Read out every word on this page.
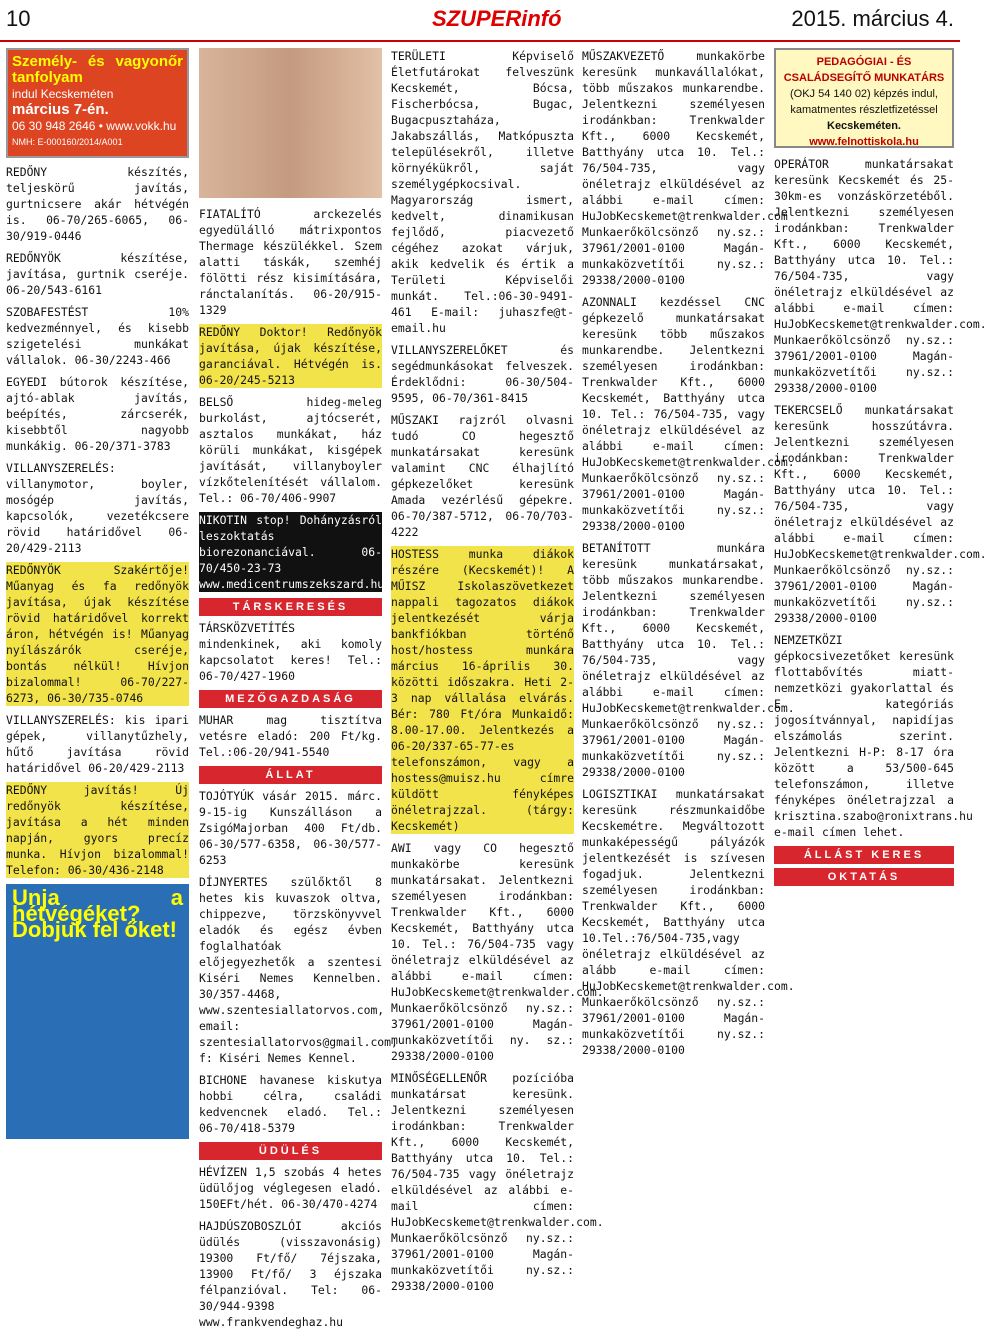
10	SZUPERinfó	2015. március 4.
Személy- és vagyonőr tanfolyam
indul Kecskeméten
március 7-én.
06 30 948 2646 • www.vokk.hu
NMH: E-000160/2014/A001
REDŐNY készítés, teljeskörű javítás, gurtnicsere akár hétvégén is. 06-70/265-6065, 06-30/919-0446
REDŐNYÖK készítése, javítása, gurtnik cseréje. 06-20/543-6161
SZOBAFESTÉST 10% kedvezménnyel, és kisebb szigetelési munkákat vállalok. 06-30/2243-466
EGYEDI bútorok készítése, ajtó-ablak javítás, beépítés, zárcserék, kisebbtől nagyobb munkákig. 06-20/371-3783
VILLANYSZERELÉS: villanymotor, boyler, mosógép javítás, kapcsolók, vezetékcsere rövid határidővel 06-20/429-2113
REDŐNYÖK Szakértője! Műanyag és fa redőnyök javítása, újak készítése rövid határidővel korrekt áron, hétvégén is! Műanyag nyílászárók cseréje, bontás nélkül! Hívjon bizalommal! 06-70/227-6273, 06-30/735-0746
VILLANYSZERELÉS: kis ipari gépek, villanytűzhely, hűtő javítása rövid határidővel 06-20/429-2113
REDŐNY javítás! Új redőnyök készítése, javítása a hét minden napján, gyors precíz munka. Hívjon bizalommal! Telefon: 06-30/436-2148
Unja a hétvégéket? Dobjuk fel őket!
FIATALÍTÓ arckezelés egyedülálló mátrixpontos Thermage készülékkel. Szem alatti táskák, szemhéj fölötti rész kisimítására, ránctalanítás. 06-20/915-1329
REDŐNY Doktor! Redőnyök javítása, újak készítése, garanciával. Hétvégén is. 06-20/245-5213
BELSŐ hideg-meleg burkolást, ajtócserét, asztalos munkákat, ház körüli munkákat, kisgépek javítását, villanyboyler vízkőtelenítését vállalom. Tel.: 06-70/406-9907
NIKOTIN stop! Dohányzásról leszoktatás biorezonanciával. 06-70/450-23-73 www.medicentrumszekszard.hu
TÁRSKERESÉS
TÁRSKÖZVETÍTÉS mindenkinek, aki komoly kapcsolatot keres! Tel.: 06-70/427-1960
MEZŐGAZDASÁG
MUHAR mag tisztítva vetésre eladó: 200 Ft/kg. Tel.:06-20/941-5540
ÁLLAT
TOJÓTYÚK vásár 2015. márc. 9-15-ig Kunszálláson a ZsigóMajorban 400 Ft/db. 06-30/577-6358, 06-30/577-6253
DÍJNYERTES szülőktől 8 hetes kis kuvaszok oltva, chippezve, törzskönyvvel eladók és egész évben foglalhatóak előjegyezhetők a szentesi Kiséri Nemes Kennelben. 30/357-4468, www.szentesiallatorvos.com, email: szentesiallatorvos@gmail.com, f: Kiséri Nemes Kennel.
BICHONE havanese kiskutya hobbi célra, családi kedvencnek eladó. Tel.: 06-70/418-5379
ÜDÜLÉS
HÉVÍZEN 1,5 szobás 4 hetes üdülőjog véglegesen eladó. 150EFt/hét. 06-30/470-4274
HAJDÚSZOBOSZLÓI akciós üdülés (visszavonásig) 19300 Ft/fő/ 7éjszaka, 13900 Ft/fő/ 3 éjszaka félpanzióval. Tel: 06-30/944-9398 www.frankvendeghaz.hu
TERÜLETI Képviselő Életfutárokat felveszünk Kecskemét, Bócsa, Fischerbócsa, Bugac, Bugacpusztaháza, Jakabszállás, Matkópuszta településekről, illetve környékükről, saját személygépkocsival. Magyarország ismert, kedvelt, dinamikusan fejlődő, piacvezető cégéhez azokat várjuk, akik kedvelik és értik a Területi Képviselői munkát. Tel.:06-30-9491-461 E-mail: juhaszfe@t-email.hu
VILLANYSZERELŐKET és segédmunkásokat felveszek. Érdeklődni: 06-30/504-9595, 06-70/361-8415
MŰSZAKI rajzról olvasni tudó CO hegesztő munkatársakat keresünk valamint CNC élhajlító gépkezelőket keresünk Amada vezérlésű gépekre. 06-70/387-5712, 06-70/703-4222
HOSTESS munka diákok részére (Kecskemét)! A MŰISZ Iskolaszövetkezet nappali tagozatos diákok jelentkezését várja bankfiókban történő host/hostess munkára március 16-április 30. közötti időszakra. Heti 2-3 nap vállalása elvárás. Bér: 780 Ft/óra Munkaidő: 8.00-17.00. Jelentkezés a 06-20/337-65-77-es telefonszámon, vagy a hostess@muisz.hu címre küldött fényképes önéletrajzzal. (tárgy: Kecskemét)
AWI vagy CO hegesztő munkakörbe keresünk munkatársakat. Jelentkezni személyesen irodánkban: Trenkwalder Kft., 6000 Kecskemét, Batthyány utca 10. Tel.: 76/504-735 vagy önéletrajz elküldésével az alábbi e-mail címen: HuJobKecskemet@trenkwalder.com. Munkaerőkölcsönző ny.sz.: 37961/2001-0100 Magán-munkaközvetítői ny. sz.: 29338/2000-0100
MINŐSÉGELLENŐR pozícióba munkatársat keresünk. Jelentkezni személyesen irodánkban: Trenkwalder Kft., 6000 Kecskemét, Batthyány utca 10. Tel.: 76/504-735 vagy önéletrajz elküldésével az alábbi e-mail címen: HuJobKecskemet@trenkwalder.com. Munkaerőkölcsönző ny.sz.: 37961/2001-0100 Magán-munkaközvetítői ny.sz.: 29338/2000-0100
MŰSZAKVEZETŐ munkakörbe keresünk munkavállalókat, több műszakos munkarendbe. Jelentkezni személyesen irodánkban: Trenkwalder Kft., 6000 Kecskemét, Batthyány utca 10. Tel.: 76/504-735, vagy önéletrajz elküldésével az alábbi e-mail címen: HuJobKecskemet@trenkwalder.com Munkaerőkölcsönző ny.sz.: 37961/2001-0100 Magán-munkaközvetítői ny.sz.: 29338/2000-0100
AZONNALI kezdéssel CNC gépkezelő munkatársakat keresünk több műszakos munkarendbe. Jelentkezni személyesen irodánkban: Trenkwalder Kft., 6000 Kecskemét, Batthyány utca 10. Tel.: 76/504-735, vagy önéletrajz elküldésével az alábbi e-mail címen: HuJobKecskemet@trenkwalder.com. Munkaerőkölcsönző ny.sz.: 37961/2001-0100 Magán-munkaközvetítői ny.sz.: 29338/2000-0100
BETANÍTOTT munkára keresünk munkatársakat, több műszakos munkarendbe. Jelentkezni személyesen irodánkban: Trenkwalder Kft., 6000 Kecskemét, Batthyány utca 10. Tel.: 76/504-735, vagy önéletrajz elküldésével az alábbi e-mail címen: HuJobKecskemet@trenkwalder.com. Munkaerőkölcsönző ny.sz.: 37961/2001-0100 Magán-munkaközvetítői ny.sz.: 29338/2000-0100
LOGISZTIKAI munkatársakat keresünk részmunkaidőbe Kecskemétre. Megváltozott munkaképességű pályázók jelentkezését is szívesen fogadjuk. Jelentkezni személyesen irodánkban: Trenkwalder Kft., 6000 Kecskemét, Batthyány utca 10.Tel.:76/504-735,vagy önéletrajz elküldésével az alább e-mail címen: HuJobKecskemet@trenkwalder.com. Munkaerőkölcsönző ny.sz.: 37961/2001-0100 Magán-munkaközvetítői ny.sz.: 29338/2000-0100
PEDAGÓGIAI - ÉS CSALÁDSEGÍTŐ MUNKATÁRS
(OKJ 54 140 02) képzés indul, kamatmentes részletfizetéssel
Kecskeméten.
www.felnottiskola.hu
OPERÁTOR munkatársakat keresünk Kecskemét és 25-30km-es vonzáskörzetéből. Jelentkezni személyesen irodánkban: Trenkwalder Kft., 6000 Kecskemét, Batthyány utca 10. Tel.: 76/504-735, vagy önéletrajz elküldésével az alábbi e-mail címen: HuJobKecskemet@trenkwalder.com. Munkaerőkölcsönző ny.sz.: 37961/2001-0100 Magán-munkaközvetítői ny.sz.: 29338/2000-0100
TEKERCSELŐ munkatársakat keresünk hosszútávra. Jelentkezni személyesen irodánkban: Trenkwalder Kft., 6000 Kecskemét, Batthyány utca 10. Tel.: 76/504-735, vagy önéletrajz elküldésével az alábbi e-mail címen: HuJobKecskemet@trenkwalder.com. Munkaerőkölcsönző ny.sz.: 37961/2001-0100 Magán-munkaközvetítői ny.sz.: 29338/2000-0100
NEMZETKÖZI gépkocsivezetőket keresünk flottabővítés miatt- nemzetközi gyakorlattal és E kategóriás jogosítvánnyal, napidíjas elszámolás szerint. Jelentkezni H-P: 8-17 óra között a 53/500-645 telefonszámon, illetve fényképes önéletrajzzal a krisztina.szabo@ronixtrans.hu e-mail címen lehet.
ÁLLÁST KERES
OKTATÁS
